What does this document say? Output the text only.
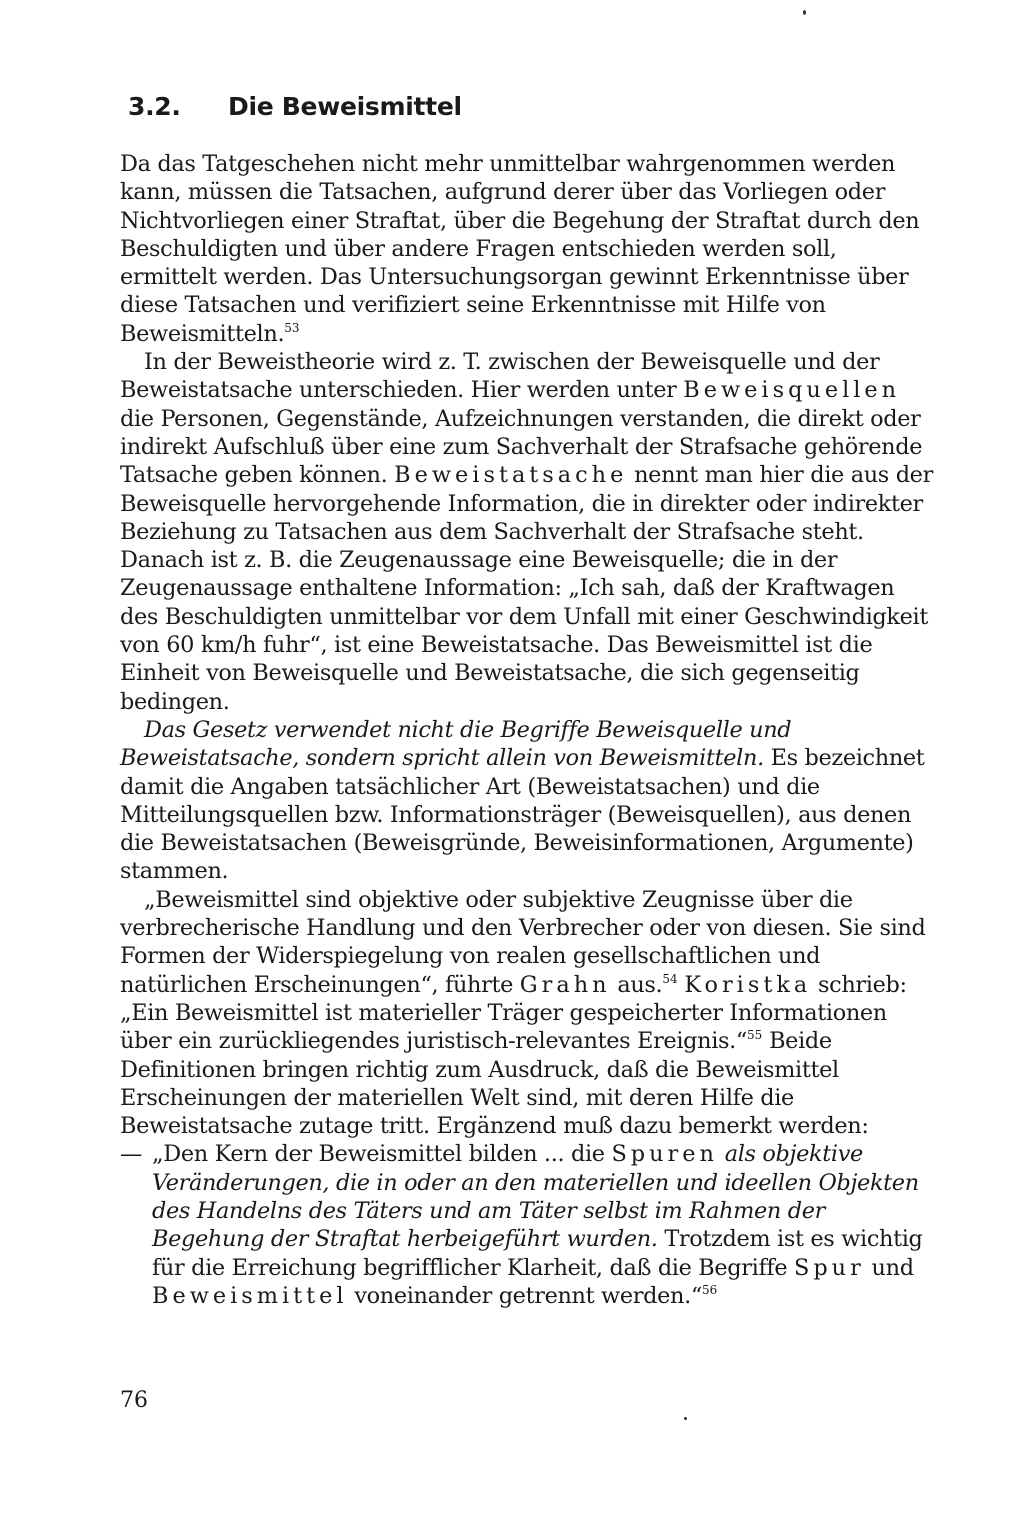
3.2. Die Beweismittel

Da das Tatgeschehen nicht mehr unmittelbar wahrgenommen werden kann, müssen die Tatsachen, aufgrund derer über das Vorliegen oder Nichtvorliegen einer Straftat, über die Begehung der Straftat durch den Beschuldigten und über andere Fragen entschieden werden soll, ermittelt werden. Das Untersuchungsorgan gewinnt Erkenntnisse über diese Tatsachen und verifiziert seine Erkenntnisse mit Hilfe von Beweismitteln.$^{53}$

In der Beweistheorie wird z. T. zwischen der Beweisquelle und der Beweistatsache unterschieden. Hier werden unter Beweisquellen die Personen, Gegenstände, Aufzeichnungen verstanden, die direkt oder indirekt Aufschluß über eine zum Sachverhalt der Strafsache gehörende Tatsache geben können. Beweistatsache nennt man hier die aus der Beweisquelle hervorgehende Information, die in direkter oder indirekter Beziehung zu Tatsachen aus dem Sachverhalt der Strafsache steht. Danach ist z. B. die Zeugenaussage eine Beweisquelle; die in der Zeugenaussage enthaltene Information: „Ich sah, daß der Kraftwagen des Beschuldigten unmittelbar vor dem Unfall mit einer Geschwindigkeit von 60 km/h fuhr“, ist eine Beweistatsache. Das Beweismittel ist die Einheit von Beweisquelle und Beweistatsache, die sich gegenseitig bedingen.

Das Gesetz verwendet nicht die Begriffe Beweisquelle und Beweistatsache, sondern spricht allein von Beweismitteln. Es bezeichnet damit die Angaben tatsächlicher Art (Beweistatsachen) und die Mitteilungsquellen bzw. Informationsträger (Beweisquellen), aus denen die Beweistatsachen (Beweisgründe, Beweisinformationen, Argumente) stammen.

„Beweismittel sind objektive oder subjektive Zeugnisse über die verbrecherische Handlung und den Verbrecher oder von diesen. Sie sind Formen der Widerspiegelung von realen gesellschaftlichen und natürlichen Erscheinungen“, führte Grahn aus.$^{54}$ Koristka schrieb: „Ein Beweismittel ist materieller Träger gespeicherter Informationen über ein zurückliegendes juristisch-relevantes Ereignis.“$^{55}$ Beide Definitionen bringen richtig zum Ausdruck, daß die Beweismittel Erscheinungen der materiellen Welt sind, mit deren Hilfe die Beweistatsache zutage tritt. Ergänzend muß dazu bemerkt werden:

— „Den Kern der Beweismittel bilden ... die Spuren als objektive Veränderungen, die in oder an den materiellen und ideellen Objekten des Handelns des Täters und am Täter selbst im Rahmen der Begehung der Straftat herbeigeführt wurden. Trotzdem ist es wichtig für die Erreichung begrifflicher Klarheit, daß die Begriffe Spur und Beweismittel voneinander getrennt werden.“$^{56}$

76
